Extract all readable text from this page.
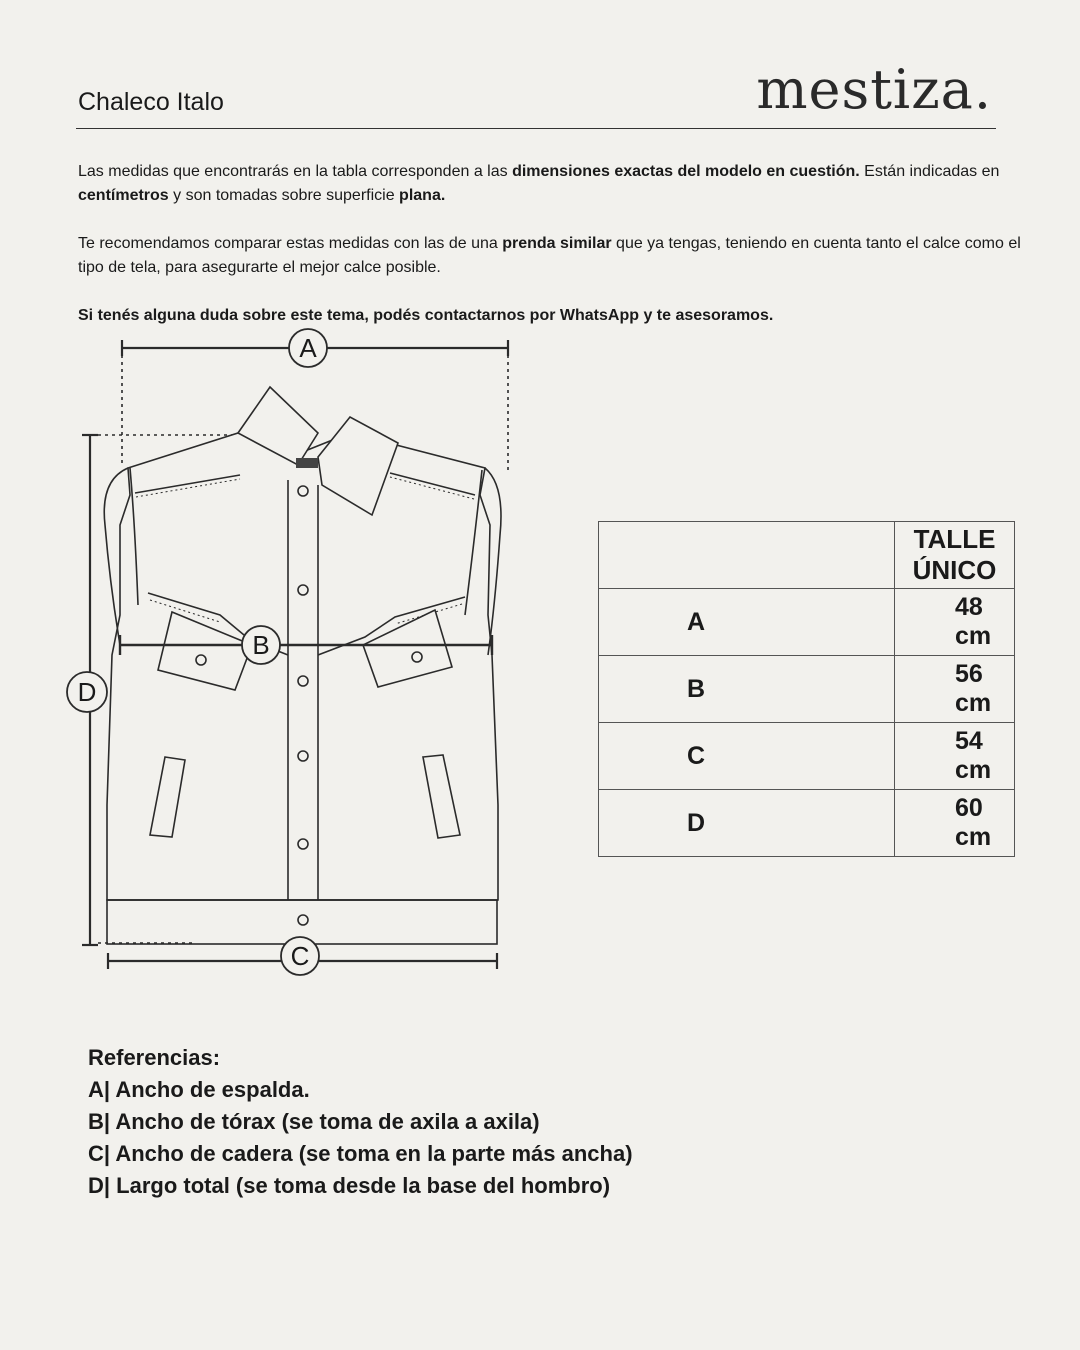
Chaleco Italo	mestiza.

Las medidas que encontrarás en la tabla corresponden a las dimensiones exactas del modelo en cuestión. Están indicadas en centímetros y son tomadas sobre superficie plana.

Te recomendamos comparar estas medidas con las de una prenda similar que ya tengas, teniendo en cuenta tanto el calce como el tipo de tela, para asegurarte el mejor calce posible.

Si tenés alguna duda sobre este tema, podés contactarnos por WhatsApp y te asesoramos.

A
B
C
D
	TALLE ÚNICO
A	48 cm
B	56 cm
C	54 cm
D	60 cm
Referencias:
A| Ancho de espalda.
B| Ancho de tórax (se toma de axila a axila)
C| Ancho de cadera (se toma en la parte más ancha)
D| Largo total (se toma desde la base del hombro)
